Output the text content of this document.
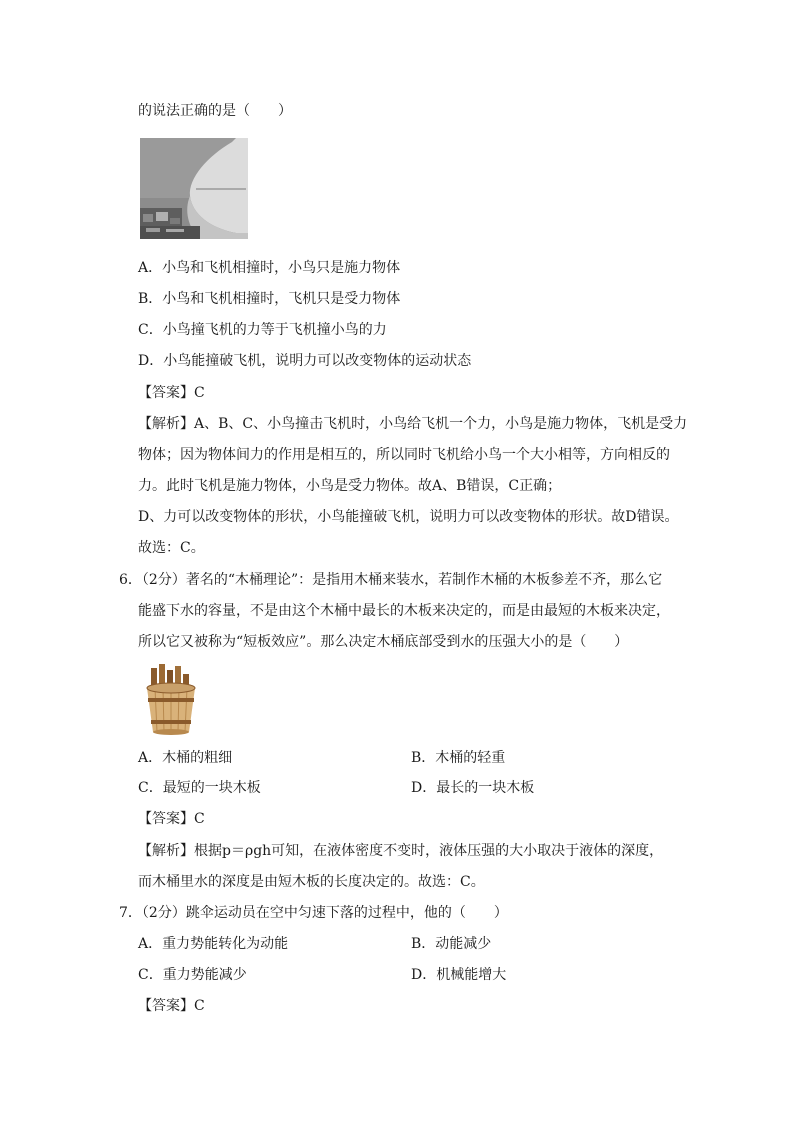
的说法正确的是（　　）
A．小鸟和飞机相撞时，小鸟只是施力物体
B．小鸟和飞机相撞时，飞机只是受力物体
C．小鸟撞飞机的力等于飞机撞小鸟的力
D．小鸟能撞破飞机，说明力可以改变物体的运动状态
【答案】C
【解析】A、B、C、小鸟撞击飞机时，小鸟给飞机一个力，小鸟是施力物体，飞机是受力
物体；因为物体间力的作用是相互的，所以同时飞机给小鸟一个大小相等，方向相反的
力。此时飞机是施力物体，小鸟是受力物体。故A、B错误，C正确；
D、力可以改变物体的形状，小鸟能撞破飞机，说明力可以改变物体的形状。故D错误。
故选：C。
6．（2分）著名的“木桶理论”：是指用木桶来装水，若制作木桶的木板参差不齐，那么它
能盛下水的容量，不是由这个木桶中最长的木板来决定的，而是由最短的木板来决定，
所以它又被称为“短板效应”。那么决定木桶底部受到水的压强大小的是（　　）
A．木桶的粗细	B．木桶的轻重
C．最短的一块木板	D．最长的一块木板
【答案】C
【解析】根据p＝ρgh可知，在液体密度不变时，液体压强的大小取决于液体的深度，
而木桶里水的深度是由短木板的长度决定的。故选：C。
7．（2分）跳伞运动员在空中匀速下落的过程中，他的（　　）
A．重力势能转化为动能	B．动能减少
C．重力势能减少	D．机械能增大
【答案】C
